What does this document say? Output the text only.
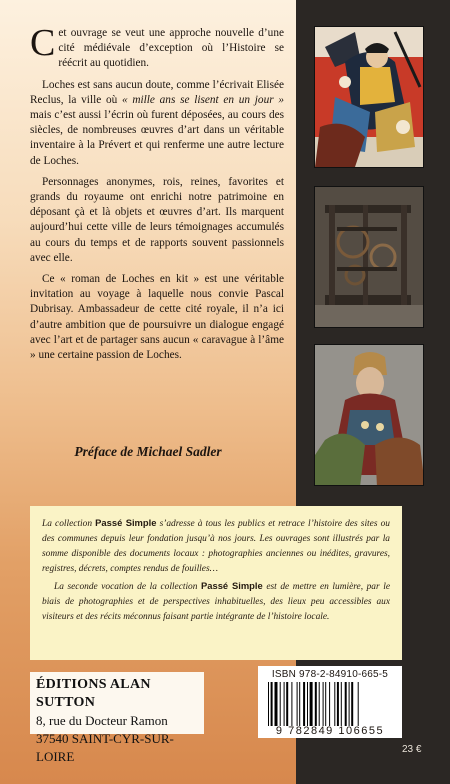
Cet ouvrage se veut une approche nouvelle d’une cité médiévale d’exception où l’Histoire se réécrit au quotidien.

Loches est sans aucun doute, comme l’écrivait Elisée Reclus, la ville où « mille ans se lisent en un jour » mais c’est aussi l’écrin où furent déposées, au cours des siècles, de nombreuses œuvres d’art dans un véritable inventaire à la Prévert et qui renferme une autre lecture de Loches.

Personnages anonymes, rois, reines, favorites et grands du royaume ont enrichi notre patrimoine en déposant çà et là objets et œuvres d’art. Ils marquent aujourd’hui cette ville de leurs témoignages accumulés au cours du temps et de rapports souvent passionnels avec elle.

Ce « roman de Loches en kit » est une véritable invitation au voyage à laquelle nous convie Pascal Dubrisay. Ambassadeur de cette cité royale, il n’a ici d’autre ambition que de poursuivre un dialogue engagé avec l’art et de partager sans aucun « caravague à l’âme » une certaine passion de Loches.

Préface de Michael Sadler

La collection Passé Simple s’adresse à tous les publics et retrace l’histoire des sites ou des communes depuis leur fondation jusqu’à nos jours. Les ouvrages sont illustrés par la somme disponible des documents locaux : photographies anciennes ou inédites, gravures, registres, décrets, comptes rendus de fouilles…

La seconde vocation de la collection Passé Simple est de mettre en lumière, par le biais de photographies et de perspectives inhabituelles, des lieux peu accessibles aux visiteurs et des récits méconnus faisant partie intégrante de l’histoire locale.

ÉDITIONS ALAN SUTTON
8, rue du Docteur Ramon
37540 SAINT-CYR-SUR-LOIRE
ISBN 978-2-84910-665-5
9 782849 106655
23 €
